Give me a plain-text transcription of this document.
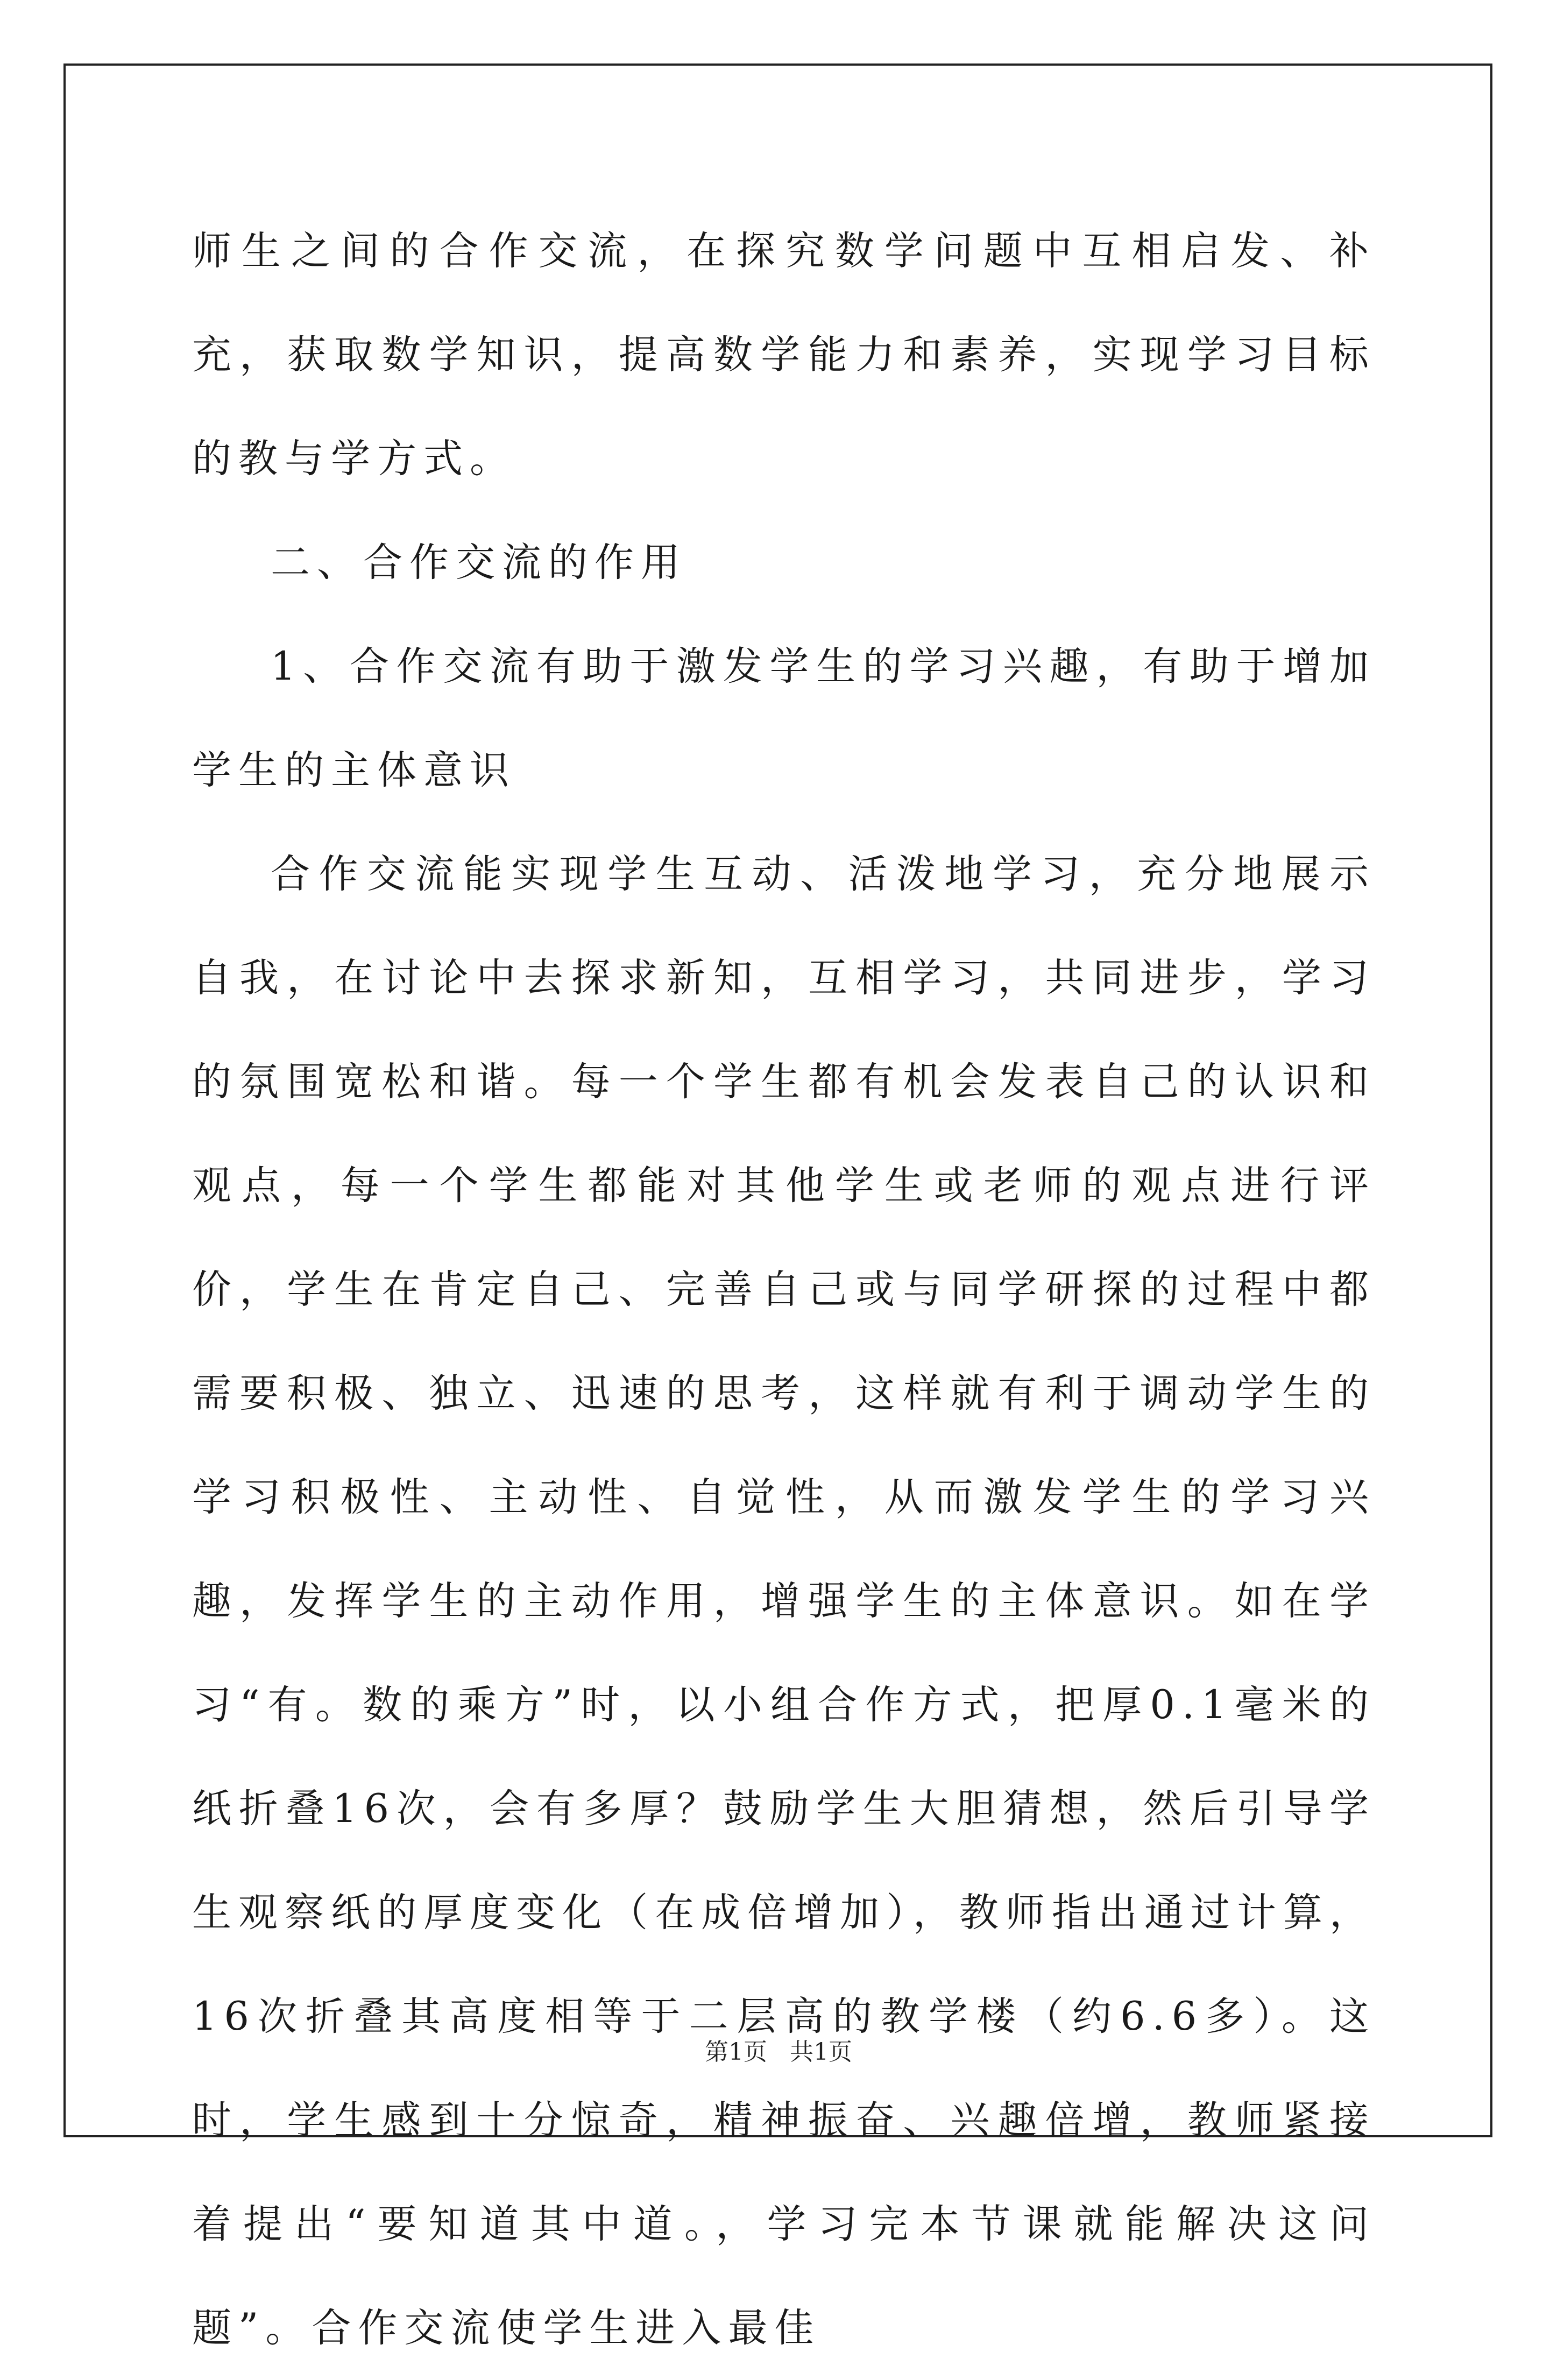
师生之间的合作交流，在探究数学问题中互相启发、补充，获取数学知识，提高数学能力和素养，实现学习目标的教与学方式。

二、合作交流的作用

1、合作交流有助于激发学生的学习兴趣，有助于增加学生的主体意识

合作交流能实现学生互动、活泼地学习，充分地展示自我，在讨论中去探求新知，互相学习，共同进步，学习的氛围宽松和谐。每一个学生都有机会发表自己的认识和观点，每一个学生都能对其他学生或老师的观点进行评价，学生在肯定自己、完善自己或与同学研探的过程中都需要积极、独立、迅速的思考，这样就有利于调动学生的学习积极性、主动性、自觉性，从而激发学生的学习兴趣，发挥学生的主动作用，增强学生的主体意识。如在学习“有。数的乘方”时，以小组合作方式，把厚0.1毫米的纸折叠16次，会有多厚？鼓励学生大胆猜想，然后引导学生观察纸的厚度变化（在成倍增加），教师指出通过计算，16次折叠其高度相等于二层高的教学楼（约6.6多）。这时，学生感到十分惊奇，精神振奋、兴趣倍增，教师紧接着提出“要知道其中道。，学习完本节课就能解决这问题”。合作交流使学生进入最佳

第1页   共1页
